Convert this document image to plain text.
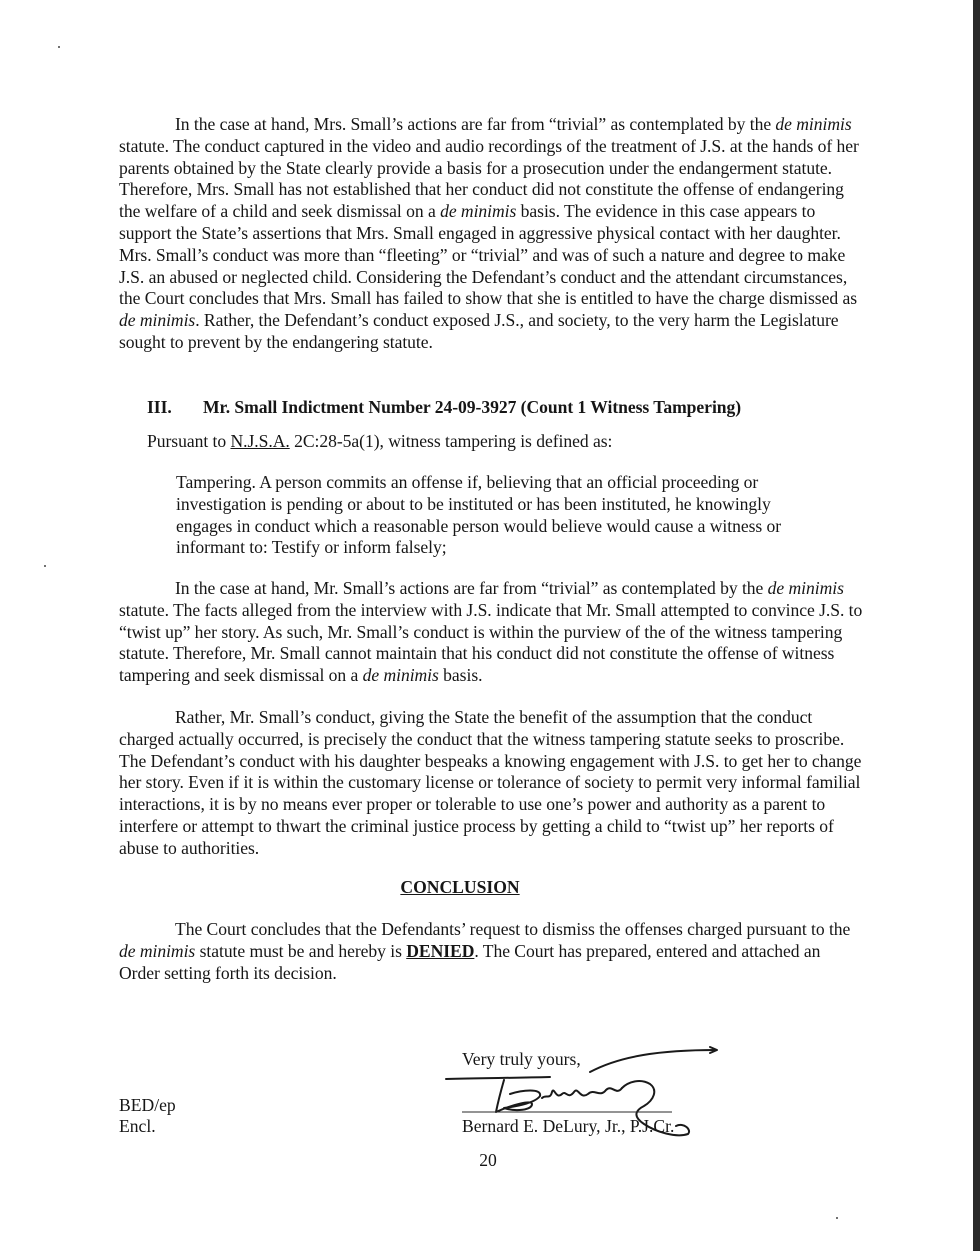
In the case at hand, Mrs. Small’s actions are far from “trivial” as contemplated by the de minimis statute. The conduct captured in the video and audio recordings of the treatment of J.S. at the hands of her parents obtained by the State clearly provide a basis for a prosecution under the endangerment statute. Therefore, Mrs. Small has not established that her conduct did not constitute the offense of endangering the welfare of a child and seek dismissal on a de minimis basis. The evidence in this case appears to support the State’s assertions that Mrs. Small engaged in aggressive physical contact with her daughter. Mrs. Small’s conduct was more than “fleeting” or “trivial” and was of such a nature and degree to make J.S. an abused or neglected child. Considering the Defendant’s conduct and the attendant circumstances, the Court concludes that Mrs. Small has failed to show that she is entitled to have the charge dismissed as de minimis. Rather, the Defendant’s conduct exposed J.S., and society, to the very harm the Legislature sought to prevent by the endangering statute.

III. Mr. Small Indictment Number 24-09-3927 (Count 1 Witness Tampering)
Pursuant to N.J.S.A. 2C:28-5a(1), witness tampering is defined as:

Tampering. A person commits an offense if, believing that an official proceeding or investigation is pending or about to be instituted or has been instituted, he knowingly engages in conduct which a reasonable person would believe would cause a witness or informant to: Testify or inform falsely;

In the case at hand, Mr. Small’s actions are far from “trivial” as contemplated by the de minimis statute. The facts alleged from the interview with J.S. indicate that Mr. Small attempted to convince J.S. to “twist up” her story. As such, Mr. Small’s conduct is within the purview of the of the witness tampering statute. Therefore, Mr. Small cannot maintain that his conduct did not constitute the offense of witness tampering and seek dismissal on a de minimis basis.

Rather, Mr. Small’s conduct, giving the State the benefit of the assumption that the conduct charged actually occurred, is precisely the conduct that the witness tampering statute seeks to proscribe. The Defendant’s conduct with his daughter bespeaks a knowing engagement with J.S. to get her to change her story. Even if it is within the customary license or tolerance of society to permit very informal familial interactions, it is by no means ever proper or tolerable to use one’s power and authority as a parent to interfere or attempt to thwart the criminal justice process by getting a child to “twist up” her reports of abuse to authorities.

CONCLUSION

The Court concludes that the Defendants’ request to dismiss the offenses charged pursuant to the de minimis statute must be and hereby is DENIED. The Court has prepared, entered and attached an Order setting forth its decision.

Very truly yours,
Bernard E. DeLury, Jr., P.J.Cr.
BED/ep
Encl.
20
